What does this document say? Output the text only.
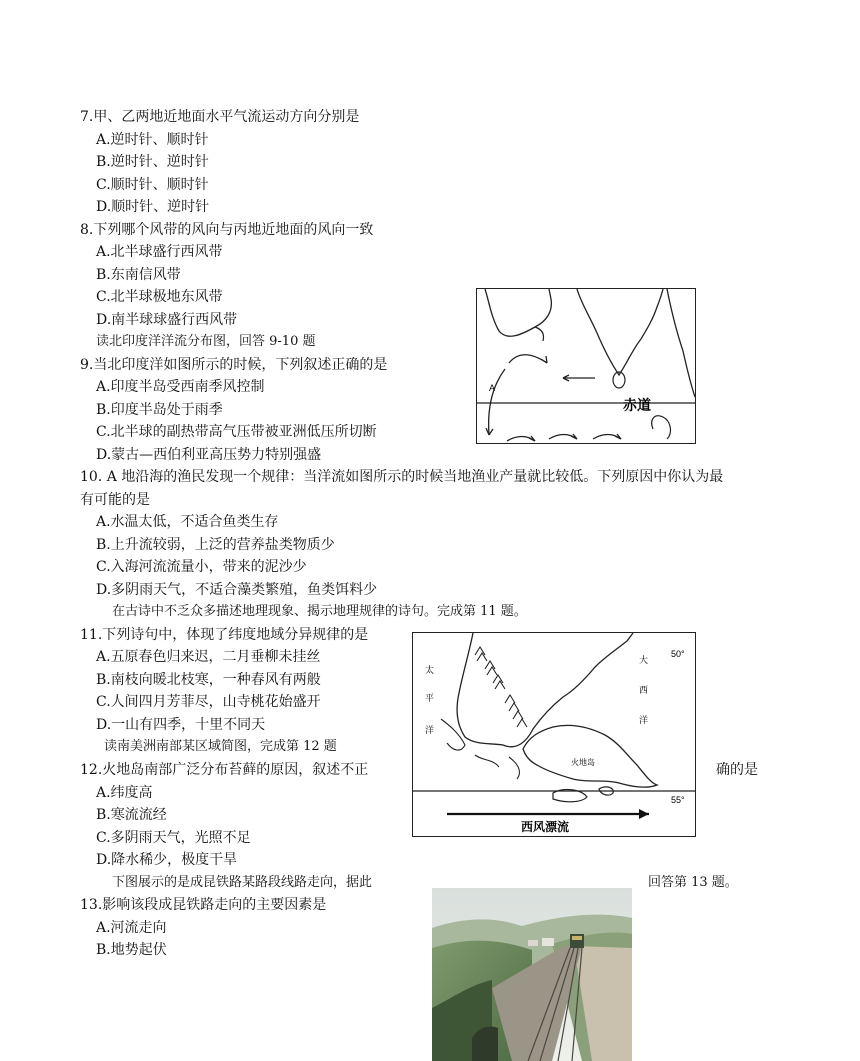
7.甲、乙两地近地面水平气流运动方向分别是
A.逆时针、顺时针
B.逆时针、逆时针
C.顺时针、顺时针
D.顺时针、逆时针
8.下列哪个风带的风向与丙地近地面的风向一致
A.北半球盛行西风带
B.东南信风带
C.北半球极地东风带
D.南半球球盛行西风带
读北印度洋洋流分布图，回答 9-10 题
9.当北印度洋如图所示的时候，下列叙述正确的是
A.印度半岛受西南季风控制
B.印度半岛处于雨季
C.北半球的副热带高气压带被亚洲低压所切断
D.蒙古—西伯利亚高压势力特别强盛
10. A 地沿海的渔民发现一个规律：当洋流如图所示的时候当地渔业产量就比较低。下列原因中你认为最
有可能的是
A.水温太低，不适合鱼类生存
B.上升流较弱，上泛的营养盐类物质少
C.入海河流流量小，带来的泥沙少
D.多阴雨天气，不适合藻类繁殖，鱼类饵料少
在古诗中不乏众多描述地理现象、揭示地理规律的诗句。完成第 11 题。
11.下列诗句中，体现了纬度地域分异规律的是
A.五原春色归来迟，二月垂柳未挂丝
B.南枝向暖北枝寒，一种春风有两般
C.人间四月芳菲尽，山寺桃花始盛开
D.一山有四季，十里不同天
读南美洲南部某区域简图，完成第 12 题
12.火地岛南部广泛分布苔藓的原因，叙述不正	确的是
A.纬度高
B.寒流流经
C.多阴雨天气，光照不足
D.降水稀少，极度干旱
下图展示的是成昆铁路某路段线路走向，据此	回答第 13 题。
13.影响该段成昆铁路走向的主要因素是
A.河流走向
B.地势起伏
A
赤道
太
平
洋
大
西
洋
50°
55°
火地岛
西风漂流
